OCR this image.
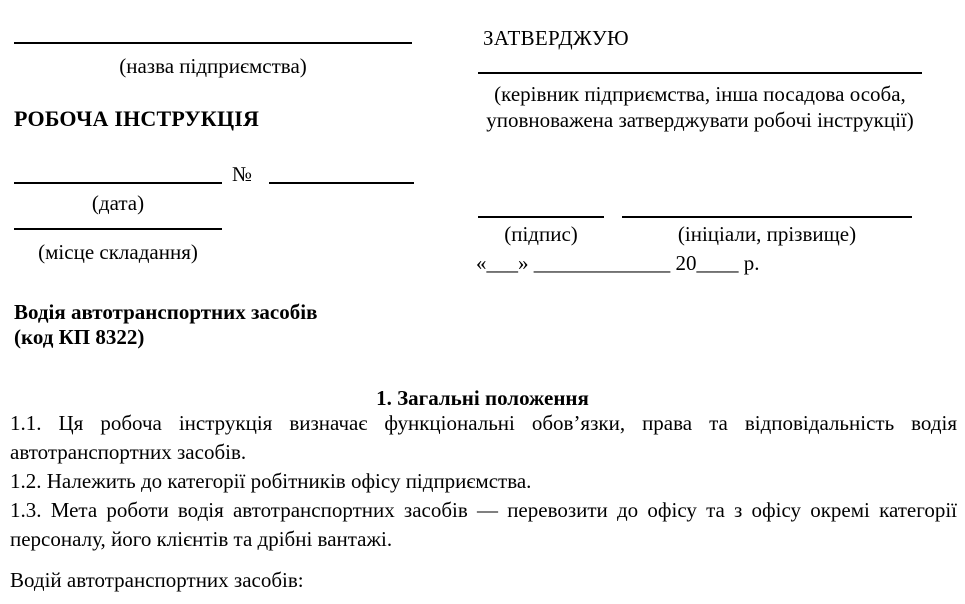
(назва підприємства)
РОБОЧА ІНСТРУКЦІЯ
№
(дата)
(місце складання)
ЗАТВЕРДЖУЮ
(керівник підприємства, інша посадова особа, уповноважена затверджувати робочі інструкції)
(підпис)	(ініціали, прізвище)
«___» _____________ 20____ р.
Водія автотранспортних засобів
(код КП 8322)
1. Загальні положення

1.1. Ця робоча інструкція визначає функціональні обов’язки, права та відповідальність водія автотранспортних засобів.

1.2. Належить до категорії робітників офісу підприємства.

1.3. Мета роботи водія автотранспортних засобів — перевозити до офісу та з офісу окремі категорії персоналу, його клієнтів та дрібні вантажі.

Водій автотранспортних засобів:
